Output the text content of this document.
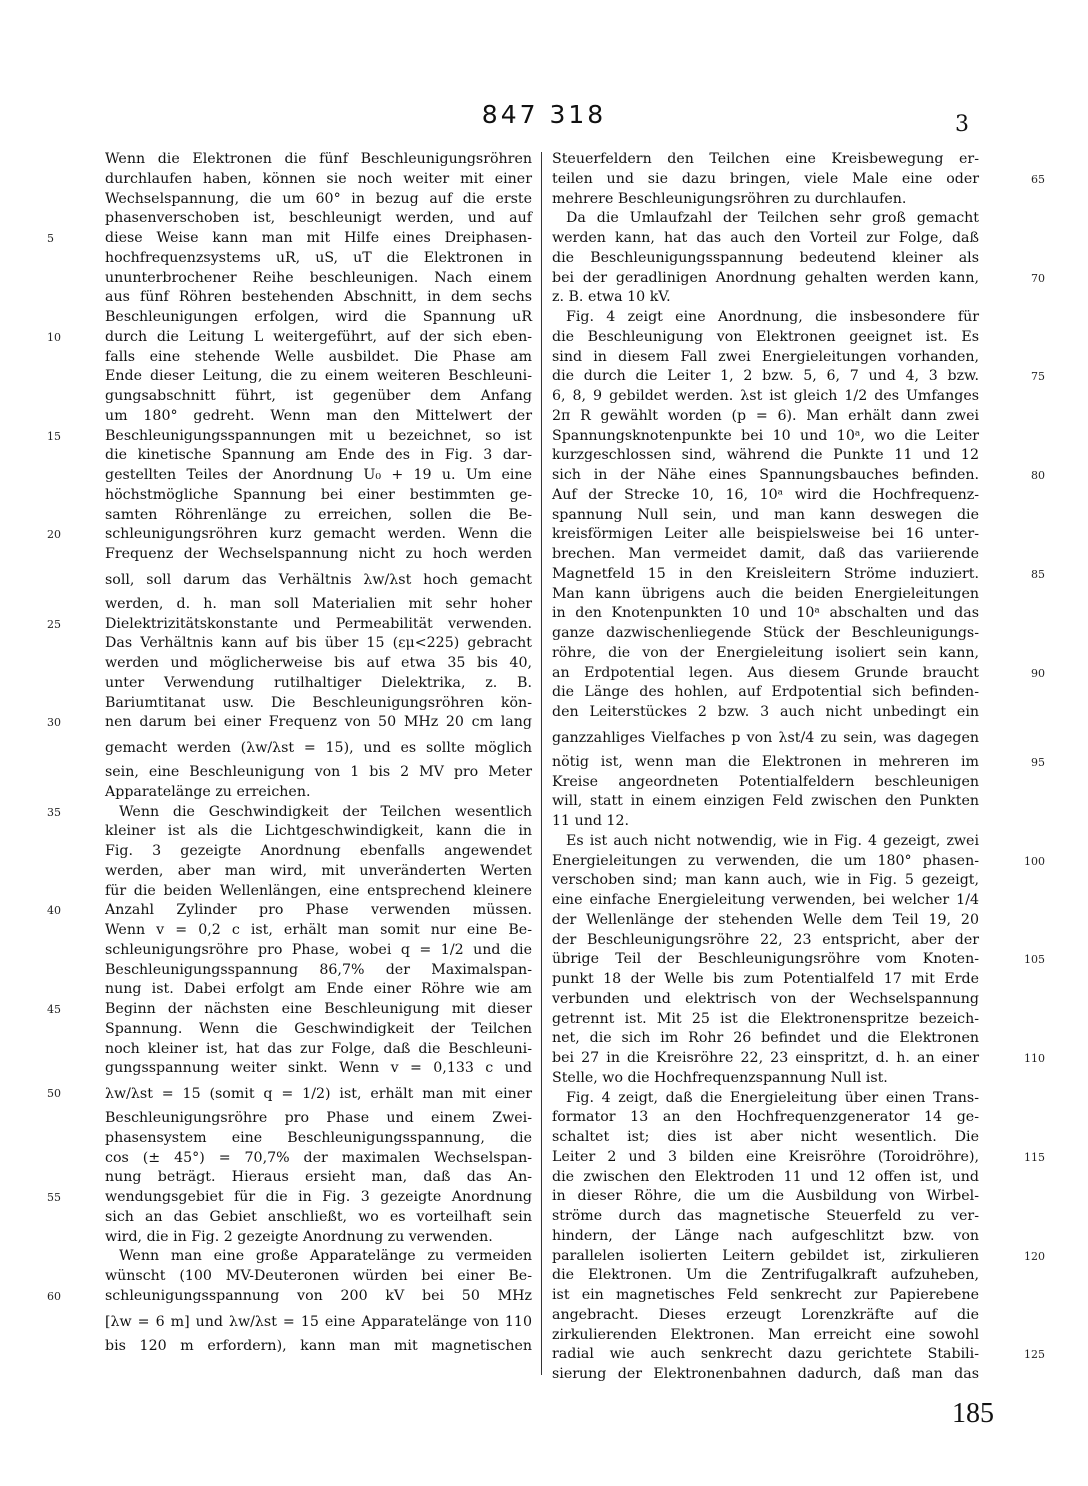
847 318	3
Wenn die Elektronen die fünf Beschleunigungsröhren
durchlaufen haben, können sie noch weiter mit einer
Wechselspannung, die um 60° in bezug auf die erste
phasenverschoben ist, beschleunigt werden, und auf
diese Weise kann man mit Hilfe eines Dreiphasen-
5
hochfrequenzsystems uR, uS, uT die Elektronen in
ununterbrochener Reihe beschleunigen. Nach einem
aus fünf Röhren bestehenden Abschnitt, in dem sechs
Beschleunigungen erfolgen, wird die Spannung uR
durch die Leitung L weitergeführt, auf der sich eben-
10
falls eine stehende Welle ausbildet. Die Phase am
Ende dieser Leitung, die zu einem weiteren Beschleuni-
gungsabschnitt führt, ist gegenüber dem Anfang
um 180° gedreht. Wenn man den Mittelwert der
Beschleunigungsspannungen mit u bezeichnet, so ist
15
die kinetische Spannung am Ende des in Fig. 3 dar-
gestellten Teiles der Anordnung U₀ + 19 u. Um eine
höchstmögliche Spannung bei einer bestimmten ge-
samten Röhrenlänge zu erreichen, sollen die Be-
schleunigungsröhren kurz gemacht werden. Wenn die
20
Frequenz der Wechselspannung nicht zu hoch werden
soll, soll darum das Verhältnis λw/λst hoch gemacht
werden, d. h. man soll Materialien mit sehr hoher
Dielektrizitätskonstante und Permeabilität verwenden.
25
Das Verhältnis kann auf bis über 15 (εμ<225) gebracht
werden und möglicherweise bis auf etwa 35 bis 40,
unter Verwendung rutilhaltiger Dielektrika, z. B.
Bariumtitanat usw. Die Beschleunigungsröhren kön-
nen darum bei einer Frequenz von 50 MHz 20 cm lang
30
gemacht werden (λw/λst = 15), und es sollte möglich
sein, eine Beschleunigung von 1 bis 2 MV pro Meter
Apparatelänge zu erreichen.
Wenn die Geschwindigkeit der Teilchen wesentlich
35
kleiner ist als die Lichtgeschwindigkeit, kann die in
Fig. 3 gezeigte Anordnung ebenfalls angewendet
werden, aber man wird, mit unveränderten Werten
für die beiden Wellenlängen, eine entsprechend kleinere
Anzahl Zylinder pro Phase verwenden müssen.
40
Wenn v = 0,2 c ist, erhält man somit nur eine Be-
schleunigungsröhre pro Phase, wobei q = 1/2 und die
Beschleunigungsspannung 86,7% der Maximalspan-
nung ist. Dabei erfolgt am Ende einer Röhre wie am
Beginn der nächsten eine Beschleunigung mit dieser
45
Spannung. Wenn die Geschwindigkeit der Teilchen
noch kleiner ist, hat das zur Folge, daß die Beschleuni-
gungsspannung weiter sinkt. Wenn v = 0,133 c und
λw/λst = 15 (somit q = 1/2) ist, erhält man mit einer
50
Beschleunigungsröhre pro Phase und einem Zwei-
phasensystem eine Beschleunigungsspannung, die
cos (± 45°) = 70,7% der maximalen Wechselspan-
nung beträgt. Hieraus ersieht man, daß das An-
wendungsgebiet für die in Fig. 3 gezeigte Anordnung
55
sich an das Gebiet anschließt, wo es vorteilhaft sein
wird, die in Fig. 2 gezeigte Anordnung zu verwenden.
Wenn man eine große Apparatelänge zu vermeiden
wünscht (100 MV-Deuteronen würden bei einer Be-
schleunigungsspannung von 200 kV bei 50 MHz
60
[λw = 6 m] und λw/λst = 15 eine Apparatelänge von 110
bis 120 m erfordern), kann man mit magnetischen
Steuerfeldern den Teilchen eine Kreisbewegung er-
teilen und sie dazu bringen, viele Male eine oder	65
mehrere Beschleunigungsröhren zu durchlaufen.
Da die Umlaufzahl der Teilchen sehr groß gemacht
werden kann, hat das auch den Vorteil zur Folge, daß
die Beschleunigungsspannung bedeutend kleiner als
bei der geradlinigen Anordnung gehalten werden kann,	70
z. B. etwa 10 kV.
Fig. 4 zeigt eine Anordnung, die insbesondere für
die Beschleunigung von Elektronen geeignet ist. Es
sind in diesem Fall zwei Energieleitungen vorhanden,
die durch die Leiter 1, 2 bzw. 5, 6, 7 und 4, 3 bzw.	75
6, 8, 9 gebildet werden. λst ist gleich 1/2 des Umfanges
2π R gewählt worden (p = 6). Man erhält dann zwei
Spannungsknotenpunkte bei 10 und 10ᵃ, wo die Leiter
kurzgeschlossen sind, während die Punkte 11 und 12
sich in der Nähe eines Spannungsbauches befinden.	80
Auf der Strecke 10, 16, 10ᵃ wird die Hochfrequenz-
spannung Null sein, und man kann deswegen die
kreisförmigen Leiter alle beispielsweise bei 16 unter-
brechen. Man vermeidet damit, daß das variierende
Magnetfeld 15 in den Kreisleitern Ströme induziert.	85
Man kann übrigens auch die beiden Energieleitungen
in den Knotenpunkten 10 und 10ᵃ abschalten und das
ganze dazwischenliegende Stück der Beschleunigungs-
röhre, die von der Energieleitung isoliert sein kann,
an Erdpotential legen. Aus diesem Grunde braucht	90
die Länge des hohlen, auf Erdpotential sich befinden-
den Leiterstückes 2 bzw. 3 auch nicht unbedingt ein
ganzzahliges Vielfaches p von λst/4 zu sein, was dagegen
nötig ist, wenn man die Elektronen in mehreren im	95
Kreise angeordneten Potentialfeldern beschleunigen
will, statt in einem einzigen Feld zwischen den Punkten
11 und 12.
Es ist auch nicht notwendig, wie in Fig. 4 gezeigt, zwei
Energieleitungen zu verwenden, die um 180° phasen-	100
verschoben sind; man kann auch, wie in Fig. 5 gezeigt,
eine einfache Energieleitung verwenden, bei welcher 1/4
der Wellenlänge der stehenden Welle dem Teil 19, 20
der Beschleunigungsröhre 22, 23 entspricht, aber der
übrige Teil der Beschleunigungsröhre vom Knoten-	105
punkt 18 der Welle bis zum Potentialfeld 17 mit Erde
verbunden und elektrisch von der Wechselspannung
getrennt ist. Mit 25 ist die Elektronenspritze bezeich-
net, die sich im Rohr 26 befindet und die Elektronen
bei 27 in die Kreisröhre 22, 23 einspritzt, d. h. an einer	110
Stelle, wo die Hochfrequenzspannung Null ist.
Fig. 4 zeigt, daß die Energieleitung über einen Trans-
formator 13 an den Hochfrequenzgenerator 14 ge-
schaltet ist; dies ist aber nicht wesentlich. Die
Leiter 2 und 3 bilden eine Kreisröhre (Toroidröhre),	115
die zwischen den Elektroden 11 und 12 offen ist, und
in dieser Röhre, die um die Ausbildung von Wirbel-
ströme durch das magnetische Steuerfeld zu ver-
hindern, der Länge nach aufgeschlitzt bzw. von
parallelen isolierten Leitern gebildet ist, zirkulieren	120
die Elektronen. Um die Zentrifugalkraft aufzuheben,
ist ein magnetisches Feld senkrecht zur Papierebene
angebracht. Dieses erzeugt Lorenzkräfte auf die
zirkulierenden Elektronen. Man erreicht eine sowohl
radial wie auch senkrecht dazu gerichtete Stabili-	125
sierung der Elektronenbahnen dadurch, daß man das
185
